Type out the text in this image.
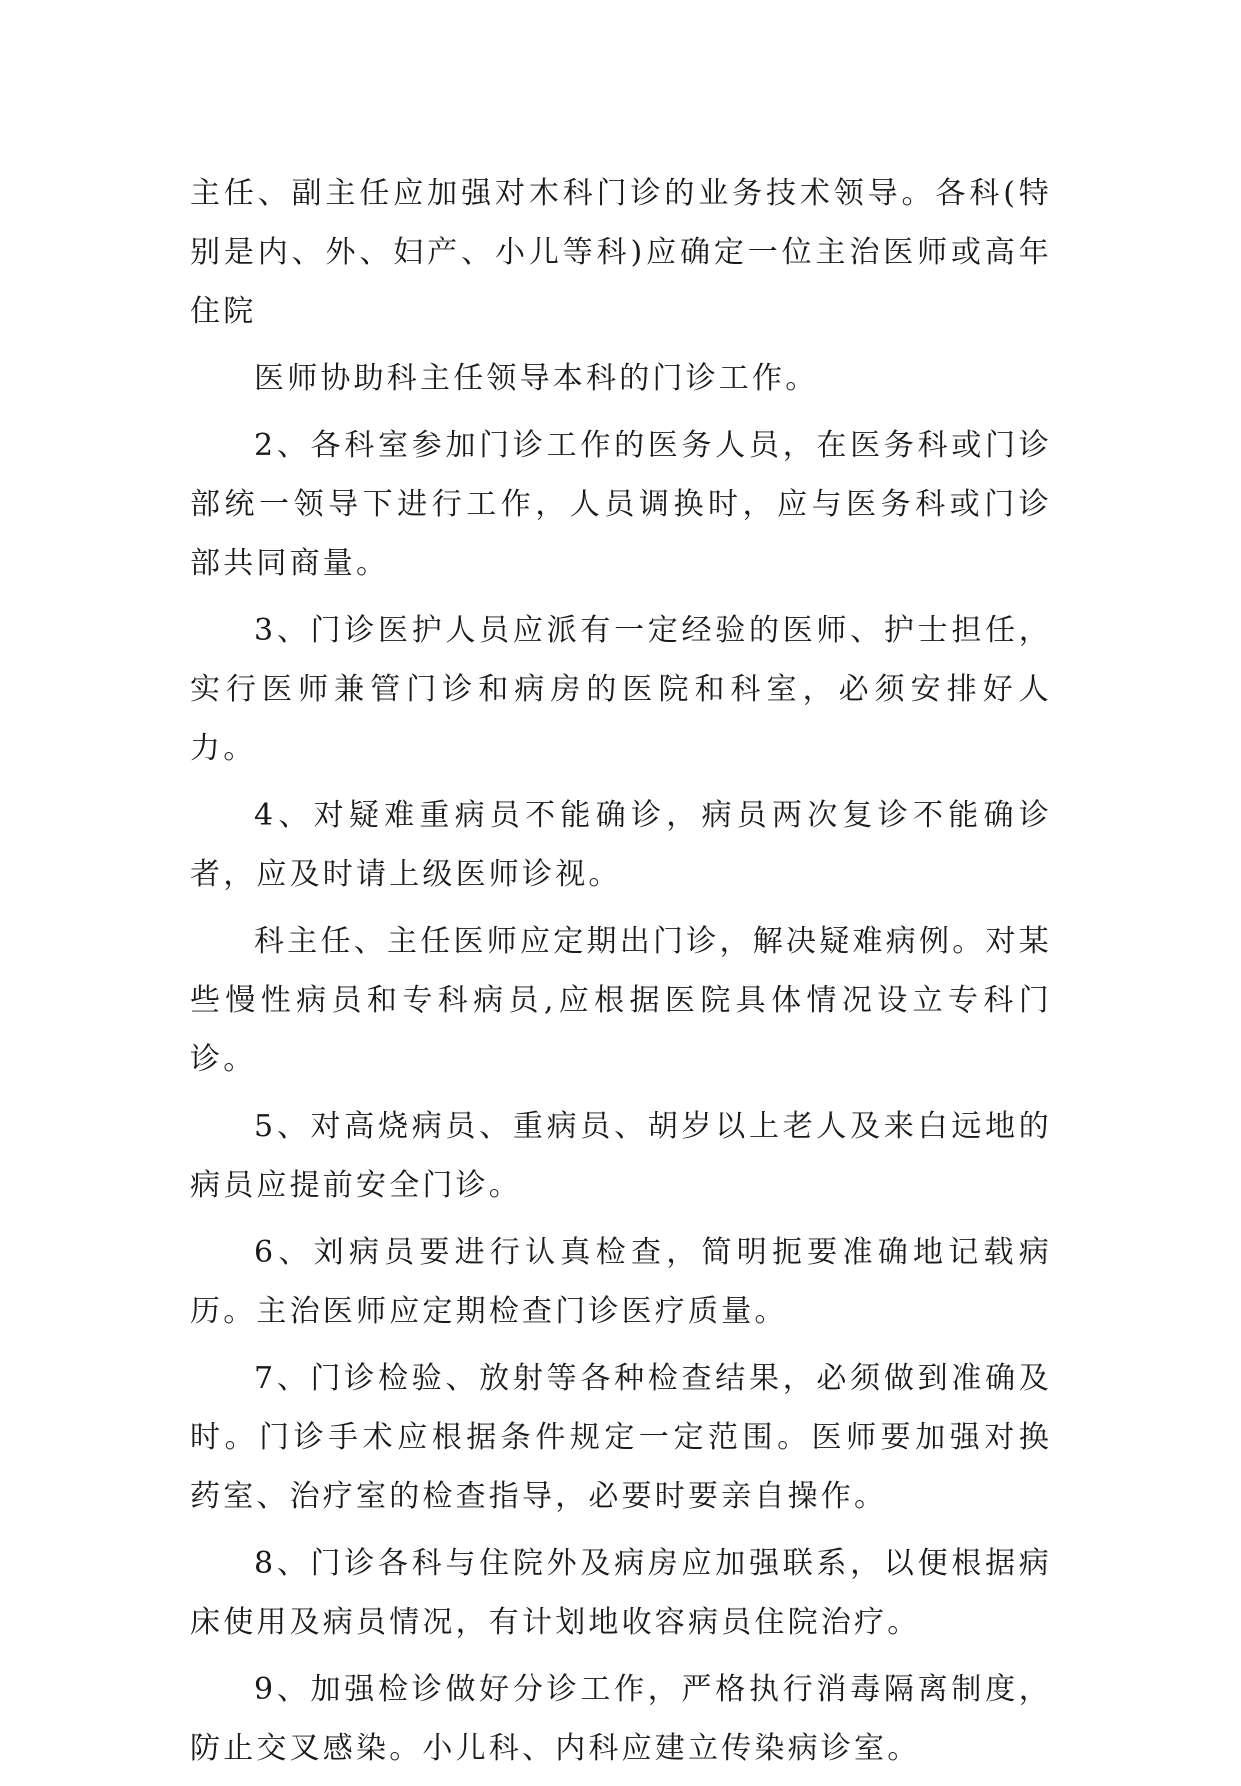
主任、副主任应加强对木科门诊的业务技术领导。各科(特别是内、外、妇产、小儿等科)应确定一位主治医师或高年住院

医师协助科主任领导本科的门诊工作。

2、各科室参加门诊工作的医务人员，在医务科或门诊部统一领导下进行工作，人员调换时，应与医务科或门诊部共同商量。

3、门诊医护人员应派有一定经验的医师、护士担任，实行医师兼管门诊和病房的医院和科室，必须安排好人力。

4、对疑难重病员不能确诊，病员两次复诊不能确诊者，应及时请上级医师诊视。

科主任、主任医师应定期出门诊，解决疑难病例。对某些慢性病员和专科病员,应根据医院具体情况设立专科门诊。

5、对高烧病员、重病员、胡岁以上老人及来白远地的病员应提前安全门诊。

6、刘病员要进行认真检查，简明扼要准确地记载病历。主治医师应定期检查门诊医疗质量。

7、门诊检验、放射等各种检查结果，必须做到准确及时。门诊手术应根据条件规定一定范围。医师要加强对换药室、治疗室的检查指导，必要时要亲自操作。

8、门诊各科与住院外及病房应加强联系，以便根据病床使用及病员情况，有计划地收容病员住院治疗。

9、加强检诊做好分诊工作，严格执行消毒隔离制度，防止交叉感染。小儿科、内科应建立传染病诊室。
